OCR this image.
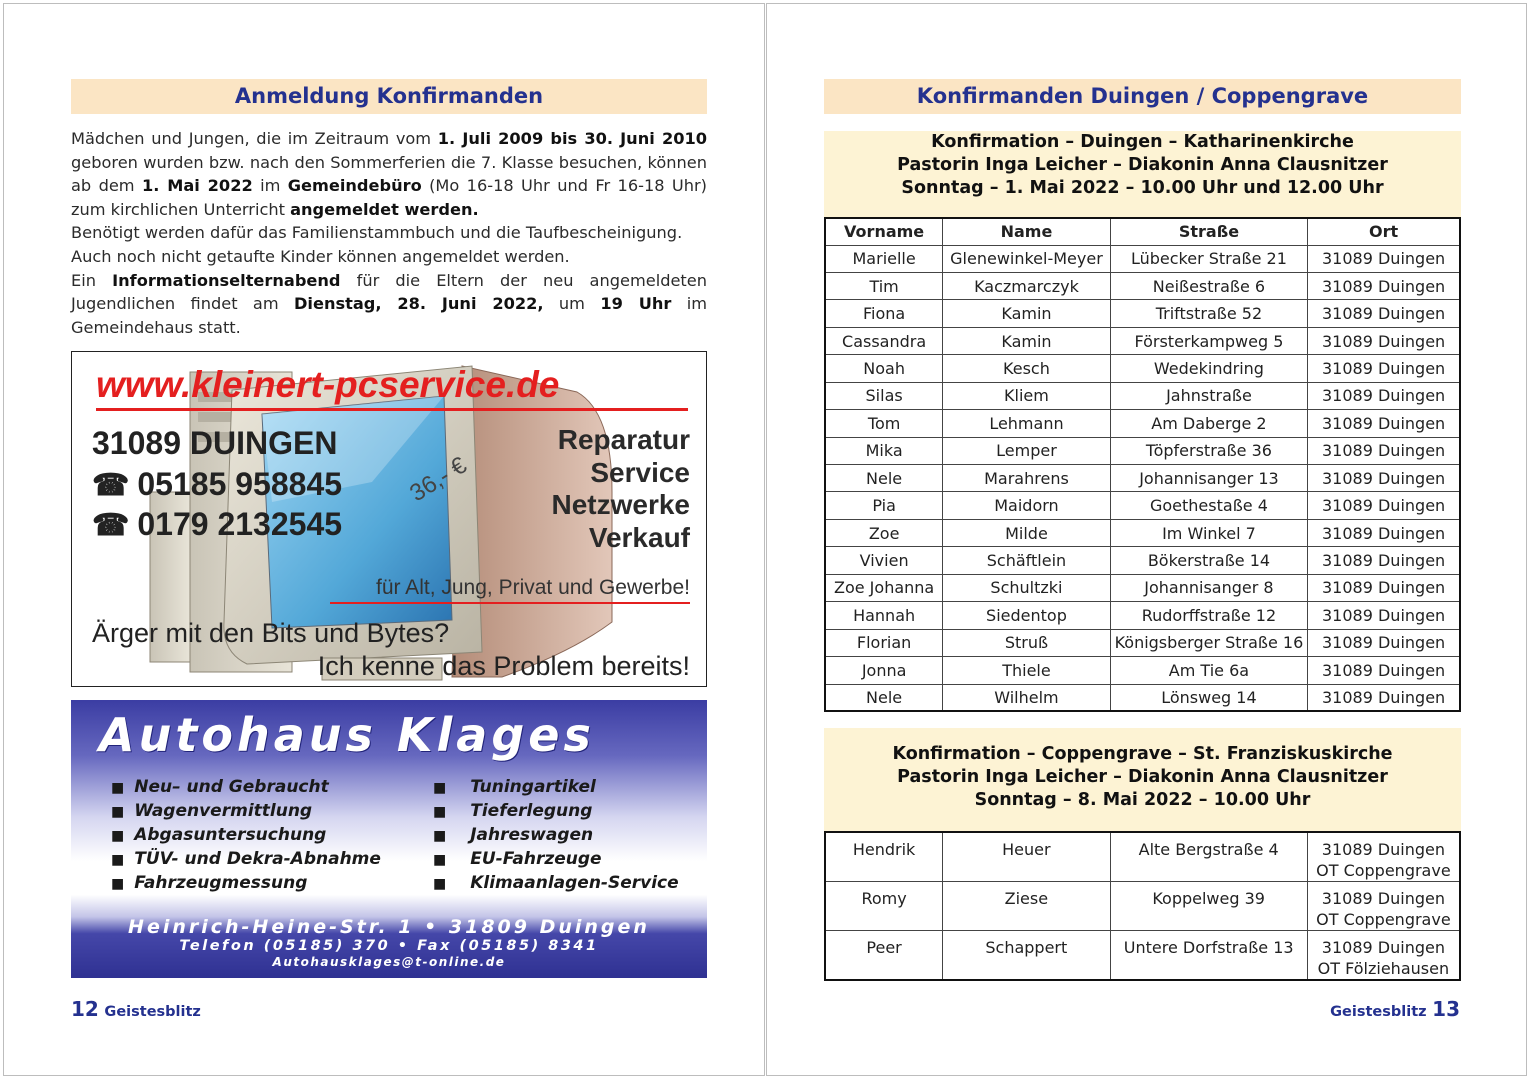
Anmeldung Konfirmanden

Mädchen und Jungen, die im Zeitraum vom 1. Juli 2009 bis 30. Juni 2010 geboren wurden bzw. nach den Sommerferien die 7. Klasse besuchen, können ab dem 1. Mai 2022 im Gemeindebüro (Mo 16-18 Uhr und Fr 16-18 Uhr) zum kirchlichen Unterricht angemeldet werden.

Benötigt werden dafür das Familienstammbuch und die Taufbescheinigung. Auch noch nicht getaufte Kinder können angemeldet werden.

Ein Informationselternabend für die Eltern der neu angemeldeten Jugendlichen findet am Dienstag, 28. Juni 2022, um 19 Uhr im Gemeindehaus statt.

www.kleinert-pcservice.de
31089 DUINGEN
☎ 05185 958845
☎ 0179 2132545
Reparatur
Service
Netzwerke
Verkauf
36,- €
für Alt, Jung, Privat und Gewerbe!
Ärger mit den Bits und Bytes?
Ich kenne das Problem bereits!
Autohaus Klages
■ Neu– und Gebraucht
■ Wagenvermittlung
■ Abgasuntersuchung
■ TÜV- und Dekra-Abnahme
■ Fahrzeugmessung
■ Tuningartikel
■ Tieferlegung
■ Jahreswagen
■ EU-Fahrzeuge
■ Klimaanlagen-Service
Heinrich-Heine-Str. 1 • 31809 Duingen
Telefon (05185) 370 • Fax (05185) 8341
Autohausklages@t-online.de
12 Geistesblitz
Konfirmanden Duingen / Coppengrave
Konfirmation – Duingen – Katharinenkirche
Pastorin Inga Leicher – Diakonin Anna Clausnitzer
Sonntag – 1. Mai 2022 – 10.00 Uhr und 12.00 Uhr
Vorname	Name	Straße	Ort
Marielle	Glenewinkel-Meyer	Lübecker Straße 21	31089 Duingen
Tim	Kaczmarczyk	Neißestraße 6	31089 Duingen
Fiona	Kamin	Triftstraße 52	31089 Duingen
Cassandra	Kamin	Försterkampweg 5	31089 Duingen
Noah	Kesch	Wedekindring	31089 Duingen
Silas	Kliem	Jahnstraße	31089 Duingen
Tom	Lehmann	Am Daberge 2	31089 Duingen
Mika	Lemper	Töpferstraße 36	31089 Duingen
Nele	Marahrens	Johannisanger 13	31089 Duingen
Pia	Maidorn	Goethestaße 4	31089 Duingen
Zoe	Milde	Im Winkel 7	31089 Duingen
Vivien	Schäftlein	Bökerstraße 14	31089 Duingen
Zoe Johanna	Schultzki	Johannisanger 8	31089 Duingen
Hannah	Siedentop	Rudorffstraße 12	31089 Duingen
Florian	Struß	Königsberger Straße 16	31089 Duingen
Jonna	Thiele	Am Tie 6a	31089 Duingen
Nele	Wilhelm	Lönsweg 14	31089 Duingen
Konfirmation – Coppengrave – St. Franziskuskirche
Pastorin Inga Leicher – Diakonin Anna Clausnitzer
Sonntag – 8. Mai 2022 – 10.00 Uhr
Hendrik	Heuer	Alte Bergstraße 4	31089 Duingen
OT Coppengrave

Romy	Ziese	Koppelweg 39	31089 Duingen
OT Coppengrave

Peer	Schappert	Untere Dorfstraße 13	31089 Duingen
OT Fölziehausen
Geistesblitz 13
